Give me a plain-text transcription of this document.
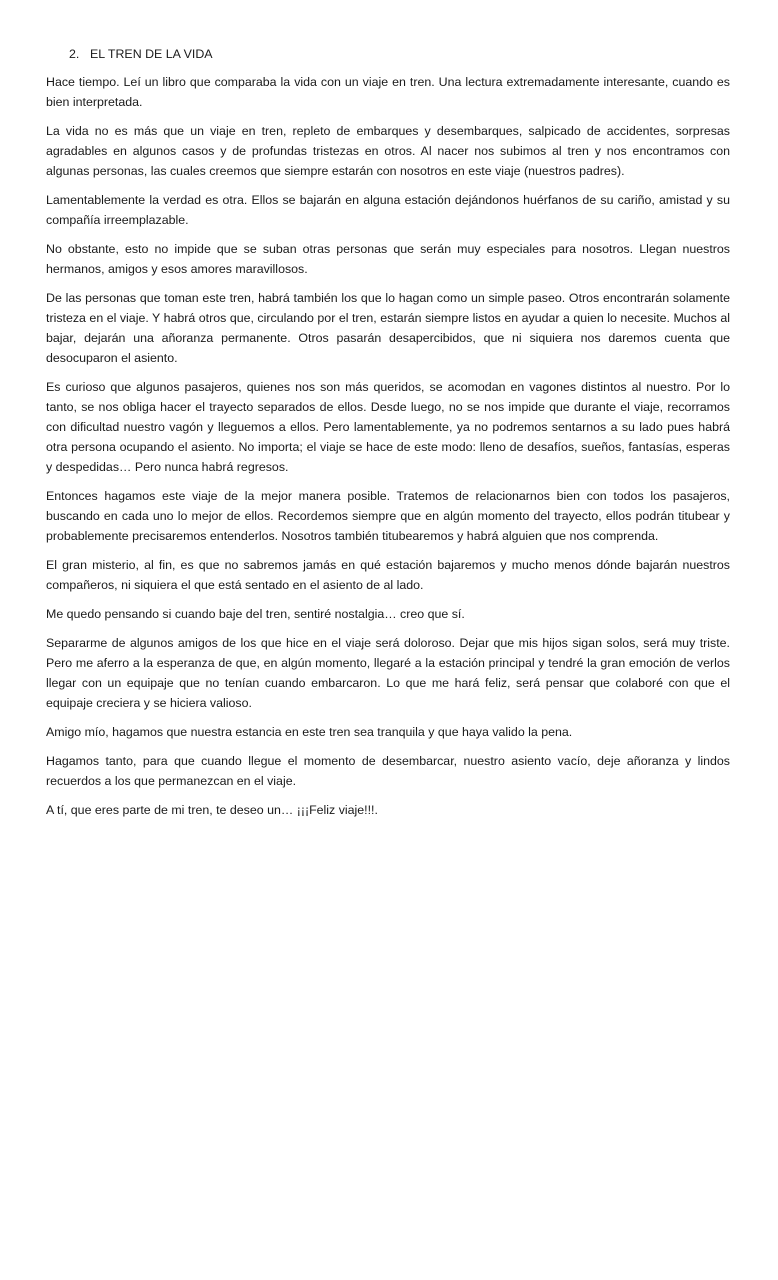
2. EL TREN DE LA VIDA

Hace tiempo. Leí un libro que comparaba la vida con un viaje en tren. Una lectura extremadamente interesante, cuando es bien interpretada.

La vida no es más que un viaje en tren, repleto de embarques y desembarques, salpicado de accidentes, sorpresas agradables en algunos casos y de profundas tristezas en otros. Al nacer nos subimos al tren y nos encontramos con algunas personas, las cuales creemos que siempre estarán con nosotros en este viaje (nuestros padres).

Lamentablemente la verdad es otra. Ellos se bajarán en alguna estación dejándonos huérfanos de su cariño, amistad y su compañía irreemplazable.

No obstante, esto no impide que se suban otras personas que serán muy especiales para nosotros. Llegan nuestros hermanos, amigos y esos amores maravillosos.

De las personas que toman este tren, habrá también los que lo hagan como un simple paseo. Otros encontrarán solamente tristeza en el viaje. Y habrá otros que, circulando por el tren, estarán siempre listos en ayudar a quien lo necesite. Muchos al bajar, dejarán una añoranza permanente. Otros pasarán desapercibidos, que ni siquiera nos daremos cuenta que desocuparon el asiento.

Es curioso que algunos pasajeros, quienes nos son más queridos, se acomodan en vagones distintos al nuestro. Por lo tanto, se nos obliga hacer el trayecto separados de ellos. Desde luego, no se nos impide que durante el viaje, recorramos con dificultad nuestro vagón y lleguemos a ellos. Pero lamentablemente, ya no podremos sentarnos a su lado pues habrá otra persona ocupando el asiento. No importa; el viaje se hace de este modo: lleno de desafíos, sueños, fantasías, esperas y despedidas… Pero nunca habrá regresos.

Entonces hagamos este viaje de la mejor manera posible. Tratemos de relacionarnos bien con todos los pasajeros, buscando en cada uno lo mejor de ellos. Recordemos siempre que en algún momento del trayecto, ellos podrán titubear y probablemente precisaremos entenderlos. Nosotros también titubearemos y habrá alguien que nos comprenda.

El gran misterio, al fin, es que no sabremos jamás en qué estación bajaremos y mucho menos dónde bajarán nuestros compañeros, ni siquiera el que está sentado en el asiento de al lado.

Me quedo pensando si cuando baje del tren, sentiré nostalgia… creo que sí.

Separarme de algunos amigos de los que hice en el viaje será doloroso. Dejar que mis hijos sigan solos, será muy triste. Pero me aferro a la esperanza de que, en algún momento, llegaré a la estación principal y tendré la gran emoción de verlos llegar con un equipaje que no tenían cuando embarcaron. Lo que me hará feliz, será pensar que colaboré con que el equipaje creciera y se hiciera valioso.

Amigo mío, hagamos que nuestra estancia en este tren sea tranquila y que haya valido la pena.

Hagamos tanto, para que cuando llegue el momento de desembarcar, nuestro asiento vacío, deje añoranza y lindos recuerdos a los que permanezcan en el viaje.

A tí, que eres parte de mi tren, te deseo un… ¡¡¡Feliz viaje!!!.
